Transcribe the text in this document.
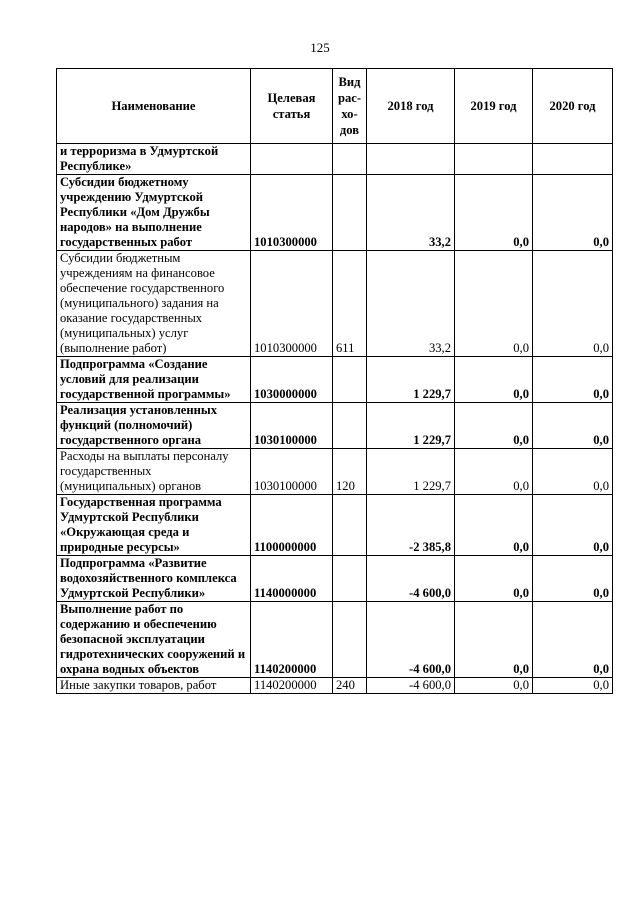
125
Наименование	Целевая статья	Вид рас- хо- дов	2018 год	2019 год	2020 год
и терроризма в Удмуртской Республике»					
Субсидии бюджетному учреждению Удмуртской Республики «Дом Дружбы народов» на выполнение государственных работ	1010300000		33,2	0,0	0,0
Субсидии бюджетным учреждениям на финансовое обеспечение государственного (муниципального) задания на оказание государственных (муниципальных) услуг (выполнение работ)	1010300000	611	33,2	0,0	0,0
Подпрограмма «Создание условий для реализации государственной программы»	1030000000		1 229,7	0,0	0,0
Реализация установленных функций (полномочий) государственного органа	1030100000		1 229,7	0,0	0,0
Расходы на выплаты персоналу государственных (муниципальных) органов	1030100000	120	1 229,7	0,0	0,0
Государственная программа Удмуртской Республики «Окружающая среда и природные ресурсы»	1100000000		-2 385,8	0,0	0,0
Подпрограмма «Развитие водохозяйственного комплекса Удмуртской Республики»	1140000000		-4 600,0	0,0	0,0
Выполнение работ по содержанию и обеспечению безопасной эксплуатации гидротехнических сооружений и охрана водных объектов	1140200000		-4 600,0	0,0	0,0
Иные закупки товаров, работ	1140200000	240	-4 600,0	0,0	0,0
